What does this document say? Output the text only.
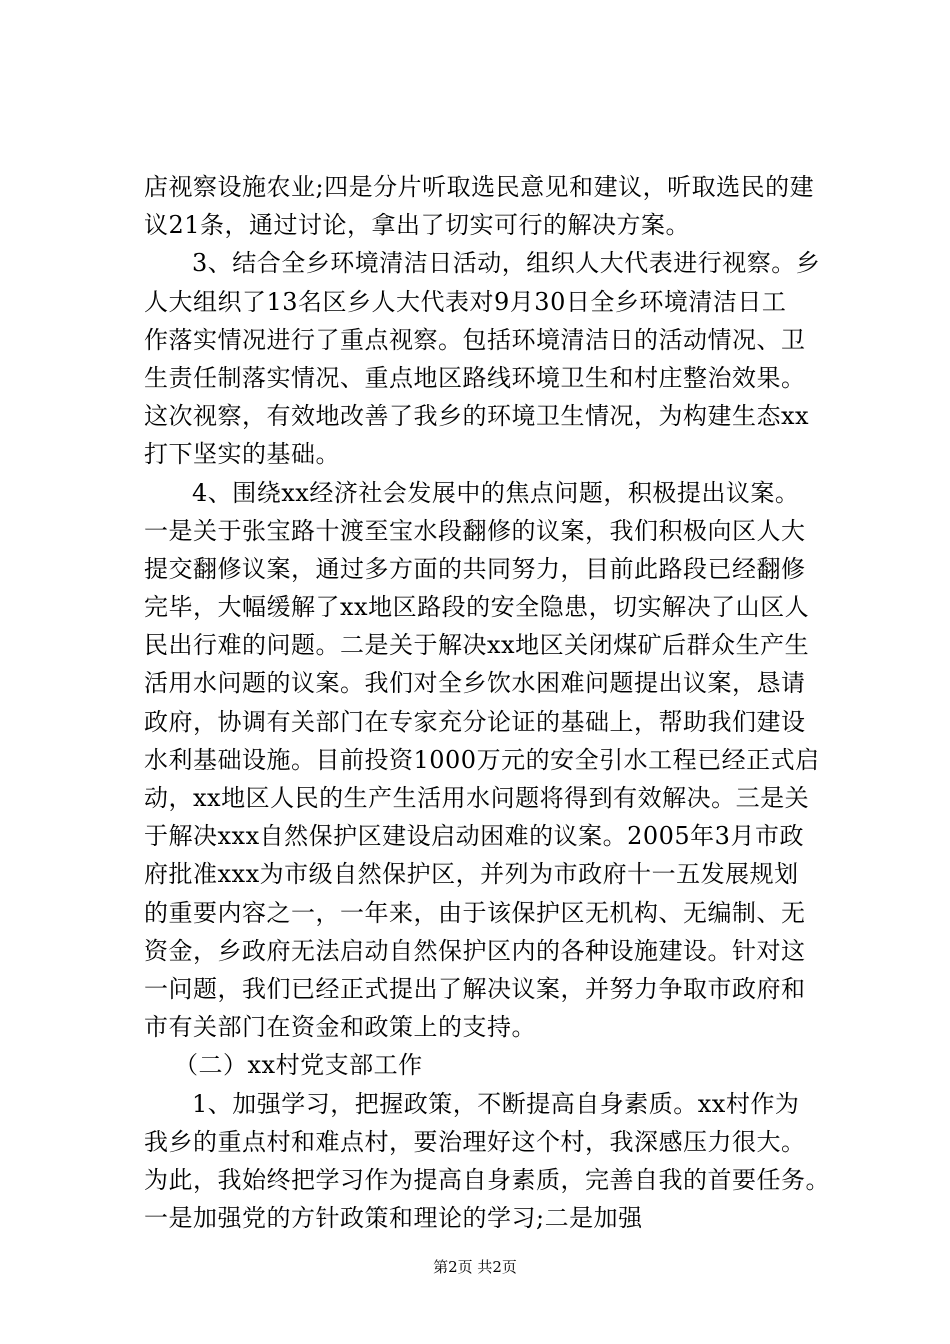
店视察设施农业;四是分片听取选民意见和建议，听取选民的建
议21条，通过讨论，拿出了切实可行的解决方案。
3、结合全乡环境清洁日活动，组织人大代表进行视察。乡
人大组织了13名区乡人大代表对9月30日全乡环境清洁日工
作落实情况进行了重点视察。包括环境清洁日的活动情况、卫
生责任制落实情况、重点地区路线环境卫生和村庄整治效果。
这次视察，有效地改善了我乡的环境卫生情况，为构建生态xx
打下坚实的基础。
4、围绕xx经济社会发展中的焦点问题，积极提出议案。
一是关于张宝路十渡至宝水段翻修的议案，我们积极向区人大
提交翻修议案，通过多方面的共同努力，目前此路段已经翻修
完毕，大幅缓解了xx地区路段的安全隐患，切实解决了山区人
民出行难的问题。二是关于解决xx地区关闭煤矿后群众生产生
活用水问题的议案。我们对全乡饮水困难问题提出议案，恳请
政府，协调有关部门在专家充分论证的基础上，帮助我们建设
水利基础设施。目前投资1000万元的安全引水工程已经正式启
动，xx地区人民的生产生活用水问题将得到有效解决。三是关
于解决xxx自然保护区建设启动困难的议案。2005年3月市政
府批准xxx为市级自然保护区，并列为市政府十一五发展规划
的重要内容之一，一年来，由于该保护区无机构、无编制、无
资金，乡政府无法启动自然保护区内的各种设施建设。针对这
一问题，我们已经正式提出了解决议案，并努力争取市政府和
市有关部门在资金和政策上的支持。
（二）xx村党支部工作
1、加强学习，把握政策，不断提高自身素质。xx村作为
我乡的重点村和难点村，要治理好这个村，我深感压力很大。
为此，我始终把学习作为提高自身素质，完善自我的首要任务。
一是加强党的方针政策和理论的学习;二是加强
第2页 共2页
